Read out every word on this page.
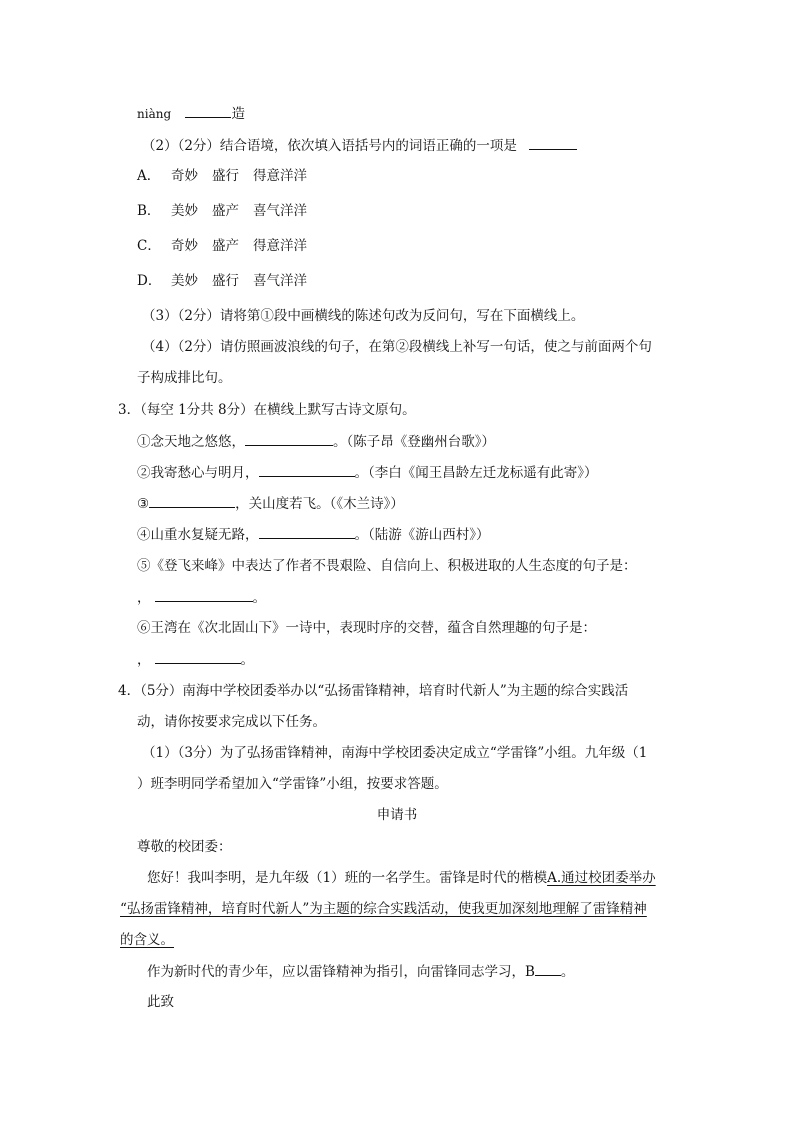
niàng	造
（2）（2分）结合语境，依次填入语括号内的词语正确的一项是
A． 奇妙 盛行 得意洋洋
B． 美妙 盛产 喜气洋洋
C． 奇妙 盛产 得意洋洋
D． 美妙 盛行 喜气洋洋
（3）（2分）请将第①段中画横线的陈述句改为反问句，写在下面横线上。
（4）（2分）请仿照画波浪线的句子，在第②段横线上补写一句话，使之与前面两个句
子构成排比句。
3．（每空 1分共 8分）在横线上默写古诗文原句。
①念天地之悠悠，	。（陈子昂《登幽州台歌》）
②我寄愁心与明月，	。（李白《闻王昌龄左迁龙标遥有此寄》）
③	，关山度若飞。（《木兰诗》）
④山重水复疑无路，	。（陆游《游山西村》）
⑤《登飞来峰》中表达了作者不畏艰险、自信向上、积极进取的人生态度的句子是：
，	。
⑥王湾在《次北固山下》一诗中，表现时序的交替，蕴含自然理趣的句子是：
，	。
4．（5分）南海中学校团委举办以“弘扬雷锋精神，培育时代新人”为主题的综合实践活
动，请你按要求完成以下任务。
（1）（3分）为了弘扬雷锋精神，南海中学校团委决定成立“学雷锋”小组。九年级（1
）班李明同学希望加入“学雷锋”小组，按要求答题。
申请书
尊敬的校团委：
您好！我叫李明，是九年级（1）班的一名学生。雷锋是时代的楷模A.通过校团委举办
“弘扬雷锋精神，培育时代新人”为主题的综合实践活动，使我更加深刻地理解了雷锋精神
的含义。
作为新时代的青少年，应以雷锋精神为指引，向雷锋同志学习，B 。
此致
